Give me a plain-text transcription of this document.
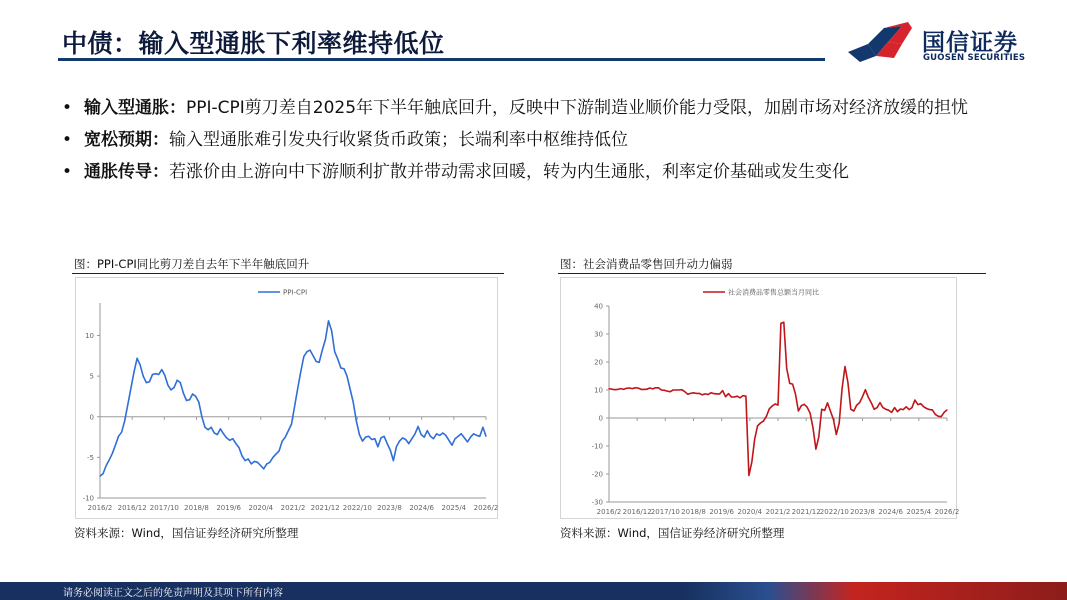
中债：输入型通胀下利率维持低位	国信证券
GUOSEN SECURITIES
• 输入型通胀：PPI-CPI剪刀差自2025年下半年触底回升，反映中下游制造业顺价能力受限，加剧市场对经济放缓的担忧
• 宽松预期：输入型通胀难引发央行收紧货币政策；长端利率中枢维持低位
• 通胀传导：若涨价由上游向中下游顺利扩散并带动需求回暖，转为内生通胀，利率定价基础或发生变化
图：PPI-CPI同比剪刀差自去年下半年触底回升
10
5
0
-5
-10
2016/2 2016/12 2017/10 2018/8 2019/6 2020/4 2021/2 2021/12 2022/10 2023/8 2024/6 2025/4 2026/2
PPI-CPI
资料来源：Wind，国信证券经济研究所整理
图：社会消费品零售回升动力偏弱
40
30
20
10
0
-10
-20
-30
2016/2 2016/12 2017/10 2018/8 2019/6 2020/4 2021/2 2021/12 2022/10 2023/8 2024/6 2025/4 2026/2
社会消费品零售总额当月同比
资料来源：Wind，国信证券经济研究所整理
请务必阅读正文之后的免责声明及其项下所有内容
